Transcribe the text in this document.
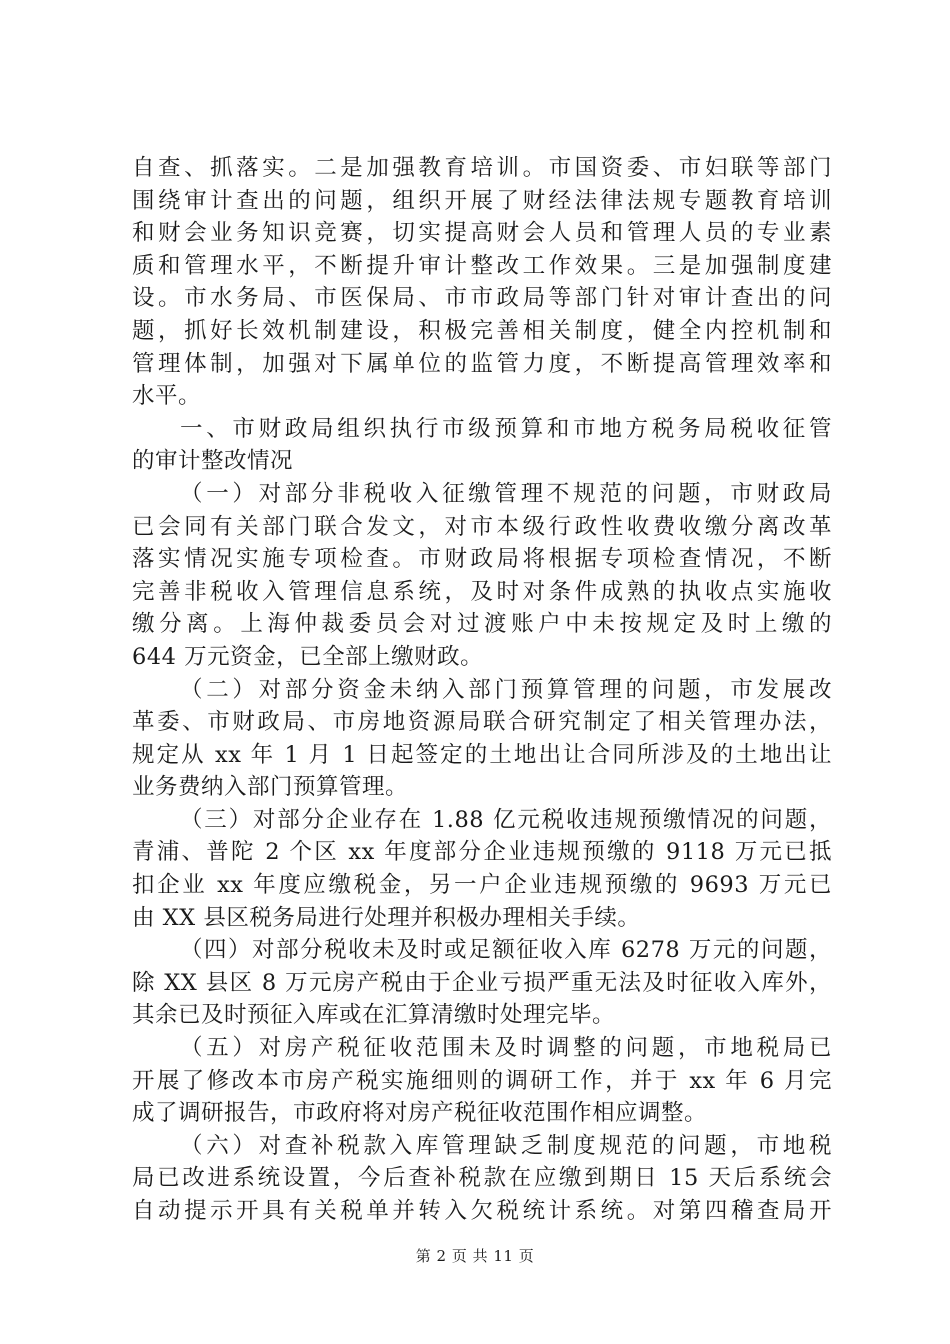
自查、抓落实。二是加强教育培训。市国资委、市妇联等部门
围绕审计查出的问题，组织开展了财经法律法规专题教育培训
和财会业务知识竞赛，切实提高财会人员和管理人员的专业素
质和管理水平，不断提升审计整改工作效果。三是加强制度建
设。市水务局、市医保局、市市政局等部门针对审计查出的问
题，抓好长效机制建设，积极完善相关制度，健全内控机制和
管理体制，加强对下属单位的监管力度，不断提高管理效率和
水平。
一、市财政局组织执行市级预算和市地方税务局税收征管
的审计整改情况
（一）对部分非税收入征缴管理不规范的问题，市财政局
已会同有关部门联合发文，对市本级行政性收费收缴分离改革
落实情况实施专项检查。市财政局将根据专项检查情况，不断
完善非税收入管理信息系统，及时对条件成熟的执收点实施收
缴分离。上海仲裁委员会对过渡账户中未按规定及时上缴的
644 万元资金，已全部上缴财政。
（二）对部分资金未纳入部门预算管理的问题，市发展改
革委、市财政局、市房地资源局联合研究制定了相关管理办法，
规定从 xx 年 1 月 1 日起签定的土地出让合同所涉及的土地出让
业务费纳入部门预算管理。
（三）对部分企业存在 1.88 亿元税收违规预缴情况的问题，
青浦、普陀 2 个区 xx 年度部分企业违规预缴的 9118 万元已抵
扣企业 xx 年度应缴税金，另一户企业违规预缴的 9693 万元已
由 XX 县区税务局进行处理并积极办理相关手续。
（四）对部分税收未及时或足额征收入库 6278 万元的问题，
除 XX 县区 8 万元房产税由于企业亏损严重无法及时征收入库外，
其余已及时预征入库或在汇算清缴时处理完毕。
（五）对房产税征收范围未及时调整的问题，市地税局已
开展了修改本市房产税实施细则的调研工作，并于 xx 年 6 月完
成了调研报告，市政府将对房产税征收范围作相应调整。
（六）对查补税款入库管理缺乏制度规范的问题，市地税
局已改进系统设置，今后查补税款在应缴到期日 15 天后系统会
自动提示开具有关税单并转入欠税统计系统。对第四稽查局开
第 2 页 共 11 页
